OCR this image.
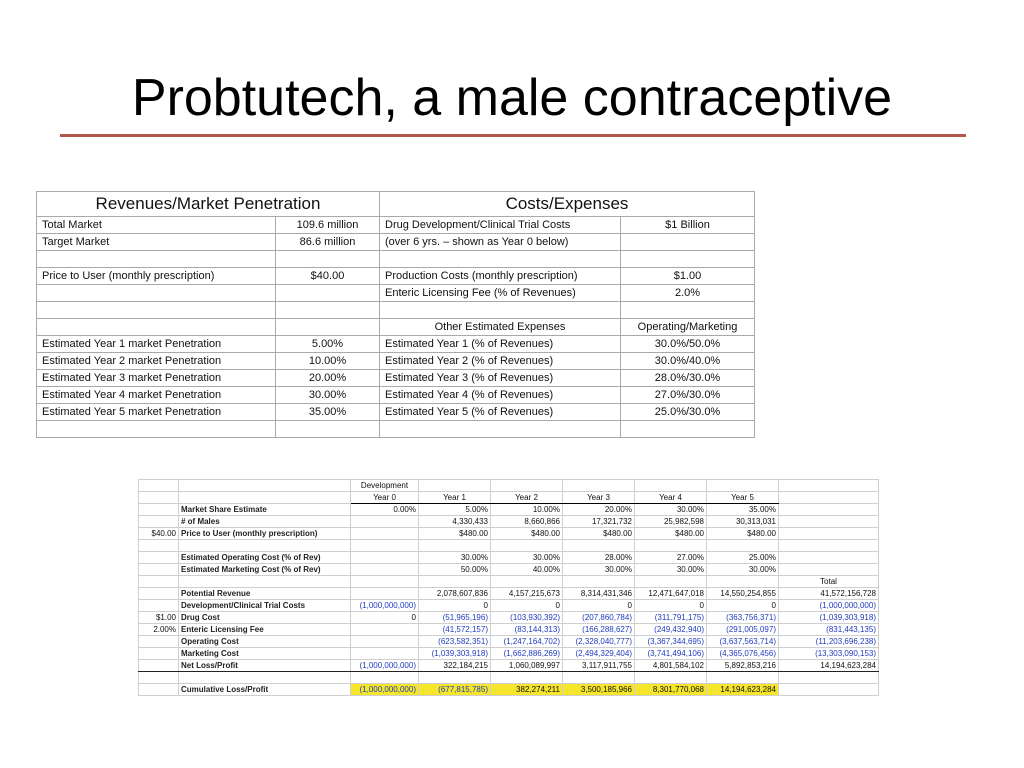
Probtutech, a male contraceptive
Revenues/Market Penetration		Costs/Expenses	
Total Market	109.6 million	Drug Development/Clinical Trial Costs	$1 Billion
Target Market	86.6 million	(over 6 yrs. – shown as Year 0 below)	

Price to User (monthly prescription)	$40.00	Production Costs (monthly prescription)	$1.00
		Enteric Licensing Fee (% of Revenues)	2.0%

		Other Estimated Expenses	Operating/Marketing
Estimated Year 1 market Penetration	5.00%	Estimated Year 1 (% of Revenues)	30.0%/50.0%
Estimated Year 2 market Penetration	10.00%	Estimated Year 2 (% of Revenues)	30.0%/40.0%
Estimated Year 3 market Penetration	20.00%	Estimated Year 3 (% of Revenues)	28.0%/30.0%
Estimated Year 4 market Penetration	30.00%	Estimated Year 4 (% of Revenues)	27.0%/30.0%
Estimated Year 5 market Penetration	35.00%	Estimated Year 5 (% of Revenues)	25.0%/30.0%

		Development						
		Year 0	Year 1	Year 2	Year 3	Year 4	Year 5	
	Market Share Estimate	0.00%	5.00%	10.00%	20.00%	30.00%	35.00%	
	# of Males		4,330,433	8,660,866	17,321,732	25,982,598	30,313,031	
$40.00	Price to User (monthly prescription)		$480.00	$480.00	$480.00	$480.00	$480.00	

	Estimated Operating Cost (% of Rev)		30.00%	30.00%	28.00%	27.00%	25.00%	
	Estimated Marketing Cost (% of Rev)		50.00%	40.00%	30.00%	30.00%	30.00%	
								Total
	Potential Revenue		2,078,607,836	4,157,215,673	8,314,431,346	12,471,647,018	14,550,254,855	41,572,156,728
	Development/Clinical Trial Costs	(1,000,000,000)	0	0	0	0	0	(1,000,000,000)
$1.00	Drug Cost	0	(51,965,196)	(103,930,392)	(207,860,784)	(311,791,175)	(363,756,371)	(1,039,303,918)
2.00%	Enteric Licensing Fee		(41,572,157)	(83,144,313)	(166,288,627)	(249,432,940)	(291,005,097)	(831,443,135)
	Operating Cost		(623,582,351)	(1,247,164,702)	(2,328,040,777)	(3,367,344,695)	(3,637,563,714)	(11,203,696,238)
	Marketing Cost		(1,039,303,918)	(1,662,886,269)	(2,494,329,404)	(3,741,494,106)	(4,365,076,456)	(13,303,090,153)
	Net Loss/Profit	(1,000,000,000)	322,184,215	1,060,089,997	3,117,911,755	4,801,584,102	5,892,853,216	14,194,623,284

	Cumulative Loss/Profit	(1,000,000,000)	(677,815,785)	382,274,211	3,500,185,966	8,301,770,068	14,194,623,284	
